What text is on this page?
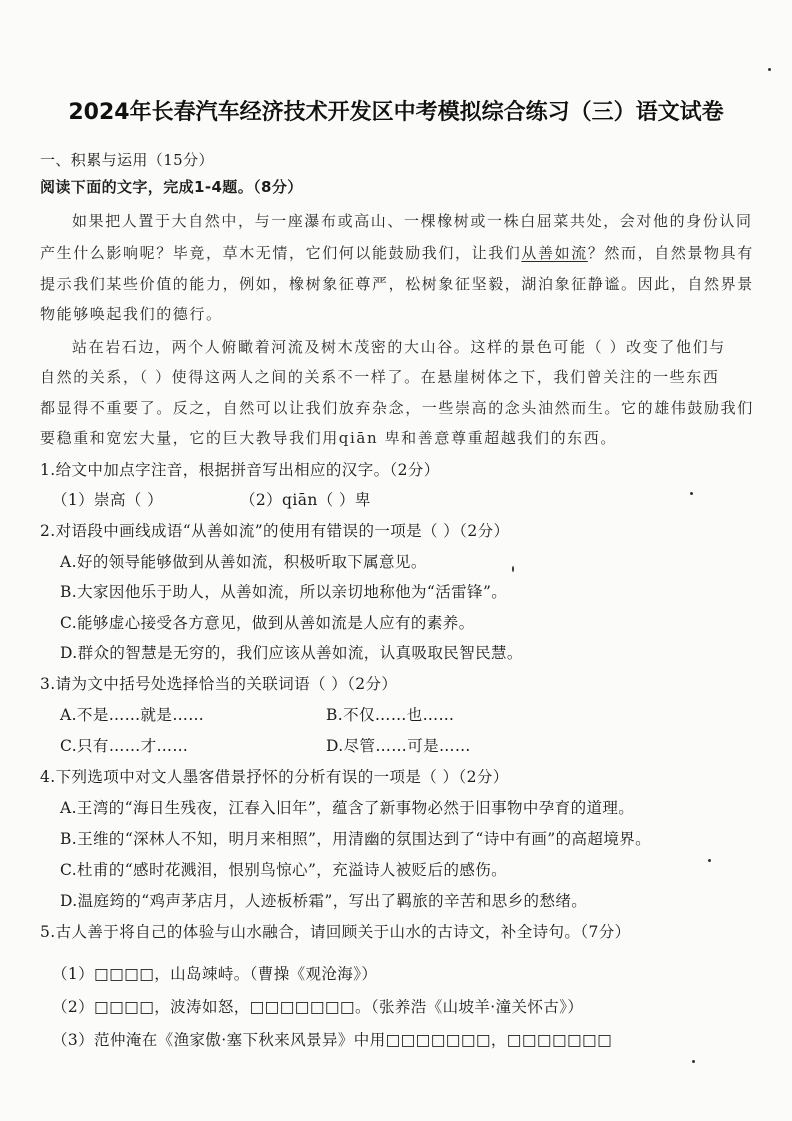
2024年长春汽车经济技术开发区中考模拟综合练习（三）语文试卷
一、积累与运用（15分）
阅读下面的文字，完成1-4题。（8分）
如果把人置于大自然中，与一座瀑布或高山、一棵橡树或一株白屈菜共处，会对他的身份认同
产生什么影响呢？毕竟，草木无情，它们何以能鼓励我们，让我们从善如流？然而，自然景物具有
提示我们某些价值的能力，例如，橡树象征尊严，松树象征坚毅，湖泊象征静谧。因此，自然界景
物能够唤起我们的德行。
站在岩石边，两个人俯瞰着河流及树木茂密的大山谷。这样的景色可能（ ）改变了他们与
自然的关系，（ ）使得这两人之间的关系不一样了。在悬崖树体之下，我们曾关注的一些东西
都显得不重要了。反之，自然可以让我们放弃杂念，一些崇高的念头油然而生。它的雄伟鼓励我们
要稳重和宽宏大量，它的巨大教导我们用qiān 卑和善意尊重超越我们的东西。
1.给文中加点字注音，根据拼音写出相应的汉字。（2分）
（1）崇高（ ）	（2）qiān（ ）卑
2.对语段中画线成语“从善如流”的使用有错误的一项是（ ）（2分）
A.好的领导能够做到从善如流，积极听取下属意见。
B.大家因他乐于助人，从善如流，所以亲切地称他为“活雷锋”。
C.能够虚心接受各方意见，做到从善如流是人应有的素养。
D.群众的智慧是无穷的，我们应该从善如流，认真吸取民智民慧。
3.请为文中括号处选择恰当的关联词语（ ）（2分）
A.不是……就是……	B.不仅……也……
C.只有……才……	D.尽管……可是……
4.下列选项中对文人墨客借景抒怀的分析有误的一项是（ ）（2分）
A.王湾的“海日生残夜，江春入旧年”，蕴含了新事物必然于旧事物中孕育的道理。
B.王维的“深林人不知，明月来相照”，用清幽的氛围达到了“诗中有画”的高超境界。
C.杜甫的“感时花溅泪，恨别鸟惊心”，充溢诗人被贬后的感伤。
D.温庭筠的“鸡声茅店月，人迹板桥霜”，写出了羁旅的辛苦和思乡的愁绪。
5.古人善于将自己的体验与山水融合，请回顾关于山水的古诗文，补全诗句。（7分）
（1）□□□□，山岛竦峙。（曹操《观沧海》）
（2）□□□□，波涛如怒，□□□□□□□。（张养浩《山坡羊·潼关怀古》）
（3）范仲淹在《渔家傲·塞下秋来风景异》中用□□□□□□□，□□□□□□□
